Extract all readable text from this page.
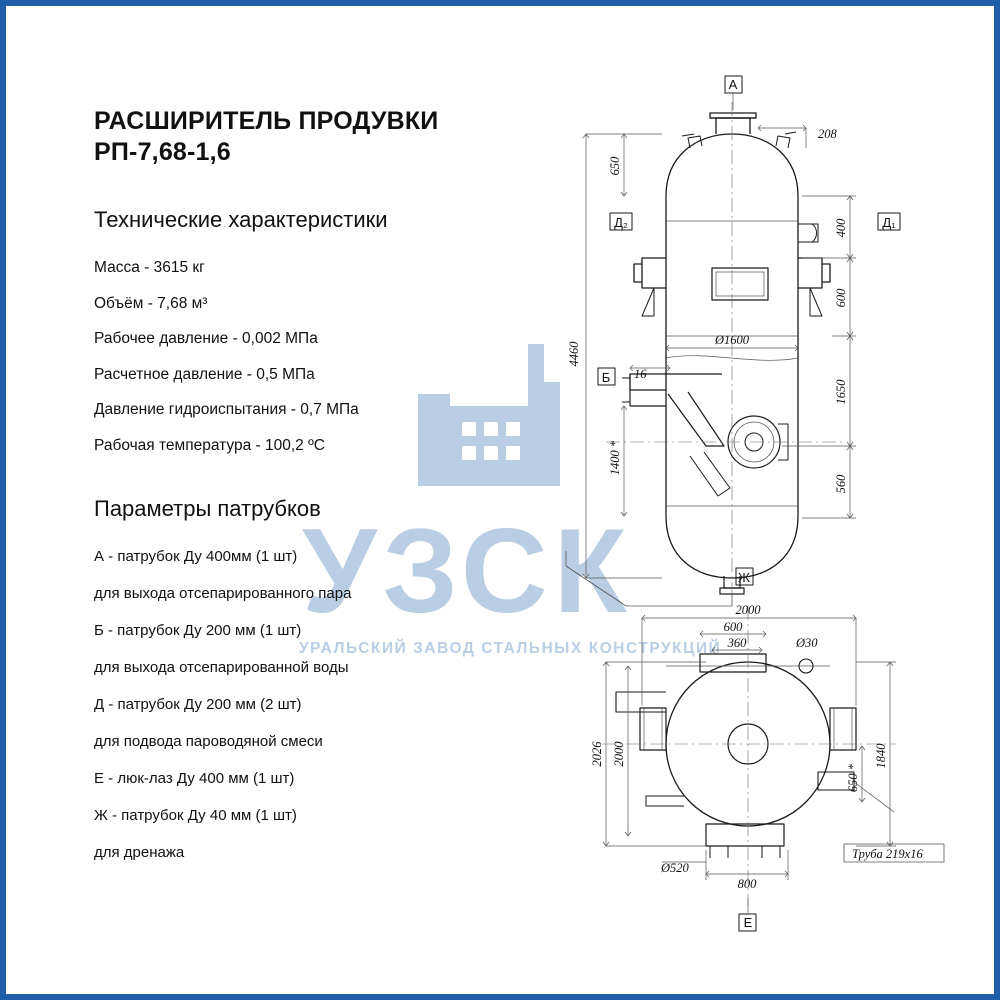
УЗСК
УРАЛЬСКИЙ ЗАВОД СТАЛЬНЫХ КОНСТРУКЦИЙ
РАСШИРИТЕЛЬ ПРОДУВКИ
РП-7,68-1,6
Технические характеристики
Масса - 3615 кг
Объём - 7,68 м³
Рабочее давление - 0,002 МПа
Расчетное давление - 0,5 МПа
Давление гидроиспытания - 0,7 МПа
Рабочая температура - 100,2 ºС
Параметры патрубков
А - патрубок Ду 400мм (1 шт)
для выхода отсепарированного пара
Б - патрубок Ду 200 мм (1 шт)
для выхода отсепарированной воды
Д - патрубок Ду 200 мм (2 шт)
для подвода пароводяной смеси
Е - люк-лаз Ду 400 мм (1 шт)
Ж - патрубок Ду 40 мм (1 шт)
для дренажа
А
Д₂	Д₁
Б
Ж
208
650
400
600
1650
560
4460
Ø1600
16
1400 *
2000
600
360	Ø30
2026 2000
650 *
1840
Ø520
800
Труба 219х16
Е
